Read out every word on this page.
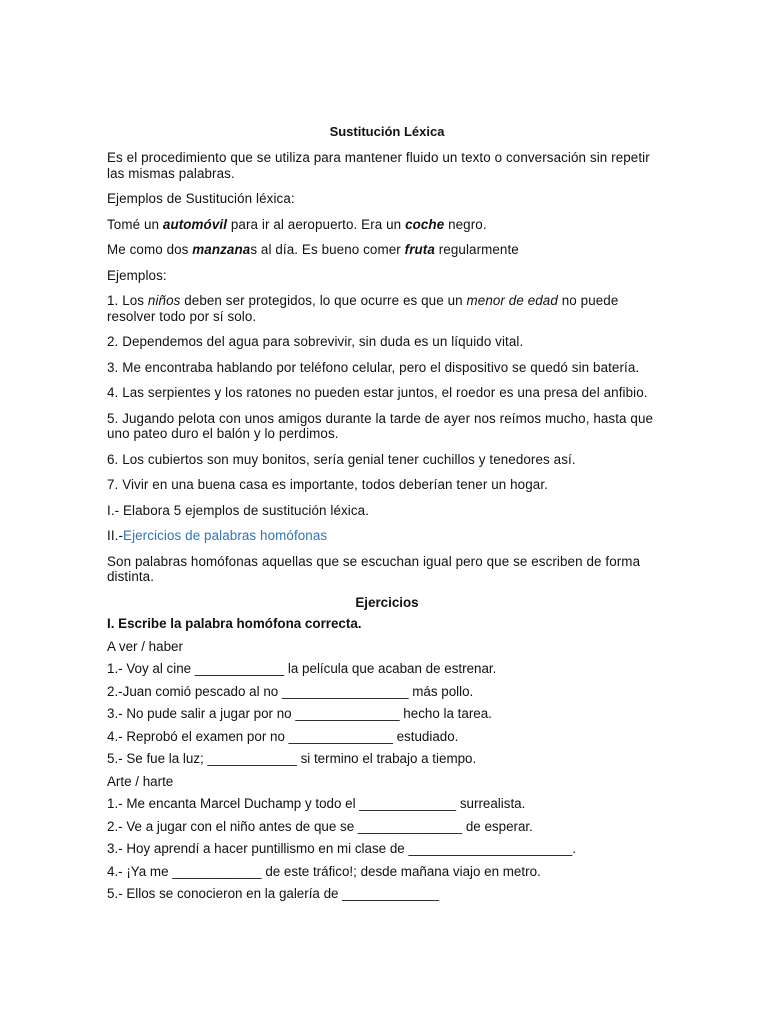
Sustitución Léxica

Es el procedimiento que se utiliza para mantener fluido un texto o conversación sin repetir las mismas palabras.

Ejemplos de Sustitución léxica:

Tomé un automóvil para ir al aeropuerto. Era un coche negro.

Me como dos manzanas al día. Es bueno comer fruta regularmente

Ejemplos:

1. Los niños deben ser protegidos, lo que ocurre es que un menor de edad no puede resolver todo por sí solo.

2. Dependemos del agua para sobrevivir, sin duda es un líquido vital.

3. Me encontraba hablando por teléfono celular, pero el dispositivo se quedó sin batería.

4. Las serpientes y los ratones no pueden estar juntos, el roedor es una presa del anfibio.

5. Jugando pelota con unos amigos durante la tarde de ayer nos reímos mucho, hasta que uno pateo duro el balón y lo perdimos.

6. Los cubiertos son muy bonitos, sería genial tener cuchillos y tenedores así.

7. Vivir en una buena casa es importante, todos deberían tener un hogar.

I.- Elabora 5 ejemplos de sustitución léxica.

II.-Ejercicios de palabras homófonas

Son palabras homófonas aquellas que se escuchan igual pero que se escriben de forma distinta.

Ejercicios

I. Escribe la palabra homófona correcta.

A ver / haber

1.- Voy al cine ____________ la película que acaban de estrenar.

2.-Juan comió pescado al no _________________ más pollo.

3.- No pude salir a jugar por no ______________ hecho la tarea.

4.- Reprobó el examen por no ______________ estudiado.

5.- Se fue la luz; ____________ si termino el trabajo a tiempo.

Arte / harte

1.- Me encanta Marcel Duchamp y todo el _____________ surrealista.

2.- Ve a jugar con el niño antes de que se ______________ de esperar.

3.- Hoy aprendí a hacer puntillismo en mi clase de ______________________.

4.- ¡Ya me ____________ de este tráfico!; desde mañana viajo en metro.

5.- Ellos se conocieron en la galería de _____________
